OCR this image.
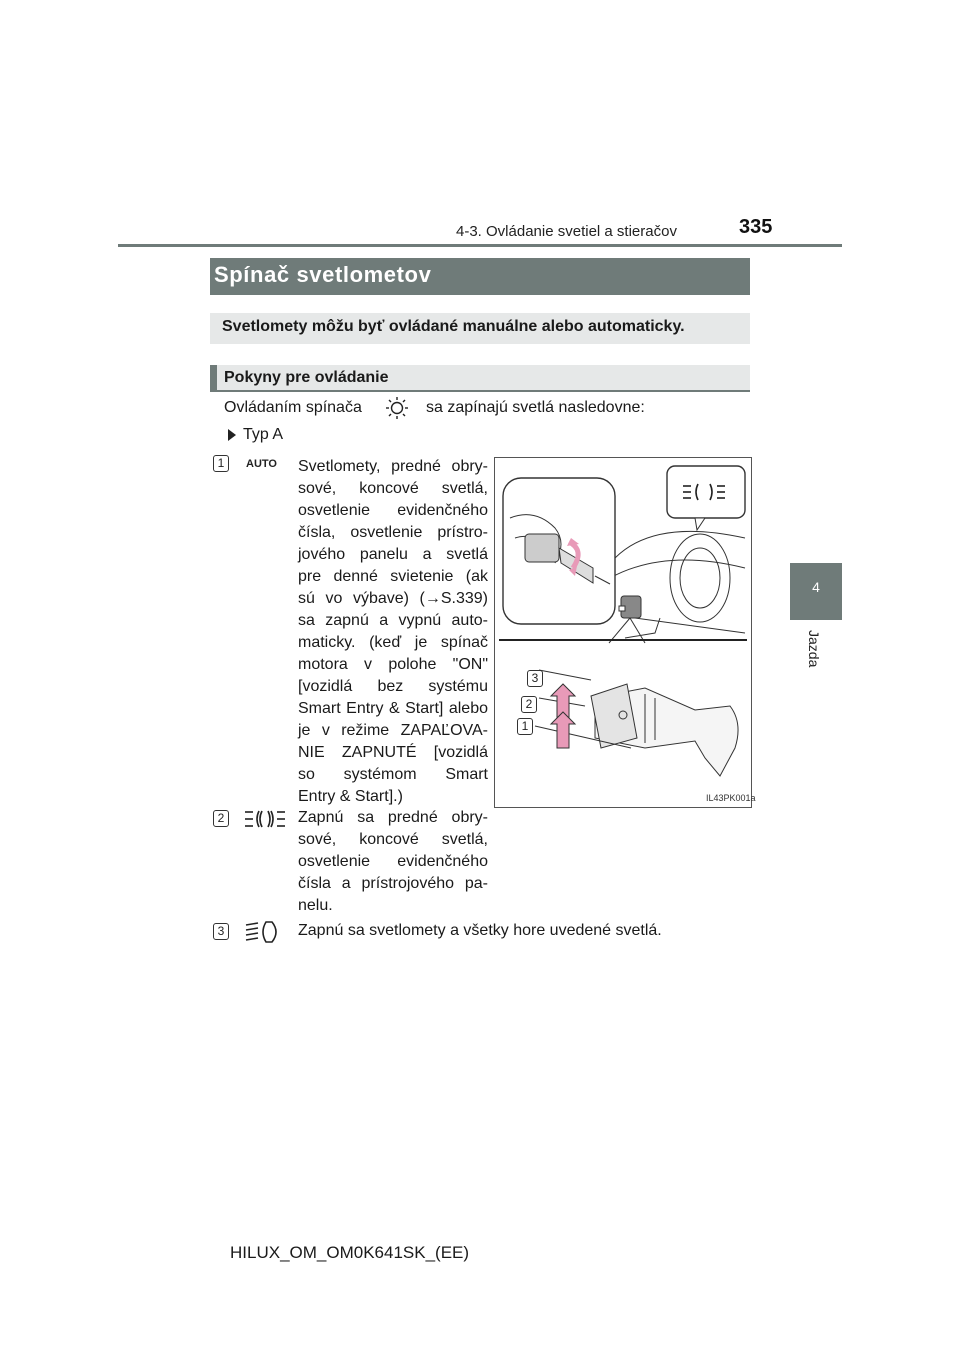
4-3. Ovládanie svetiel a stieračov	335
4
Jazda
Spínač svetlometov
Svetlomety môžu byť ovládané manuálne alebo automaticky.
Pokyny pre ovládanie
Ovládaním spínača	sa zapínajú svetlá nasledovne:
Typ A
1	AUTO Svetlomety, predné obry-
sové, koncové svetlá,
osvetlenie evidenčného
čísla, osvetlenie prístro-
jového panelu a svetlá
pre denné svietenie (ak
sú vo výbave) (→S.339)
sa zapnú a vypnú auto-
maticky. (keď je spínač
motora v polohe "ON"
[vozidlá bez systému
Smart Entry & Start] alebo
je v režime ZAPAĽOVA-
NIE ZAPNUTÉ [vozidlá
so systémom Smart
Entry & Start].)
2	Zapnú sa predné obry-
sové, koncové svetlá,
osvetlenie evidenčného
čísla a prístrojového pa-
nelu.
3	Zapnú sa svetlomety a všetky hore uvedené svetlá.
3
2
1
IL43PK001a
HILUX_OM_OM0K641SK_(EE)
